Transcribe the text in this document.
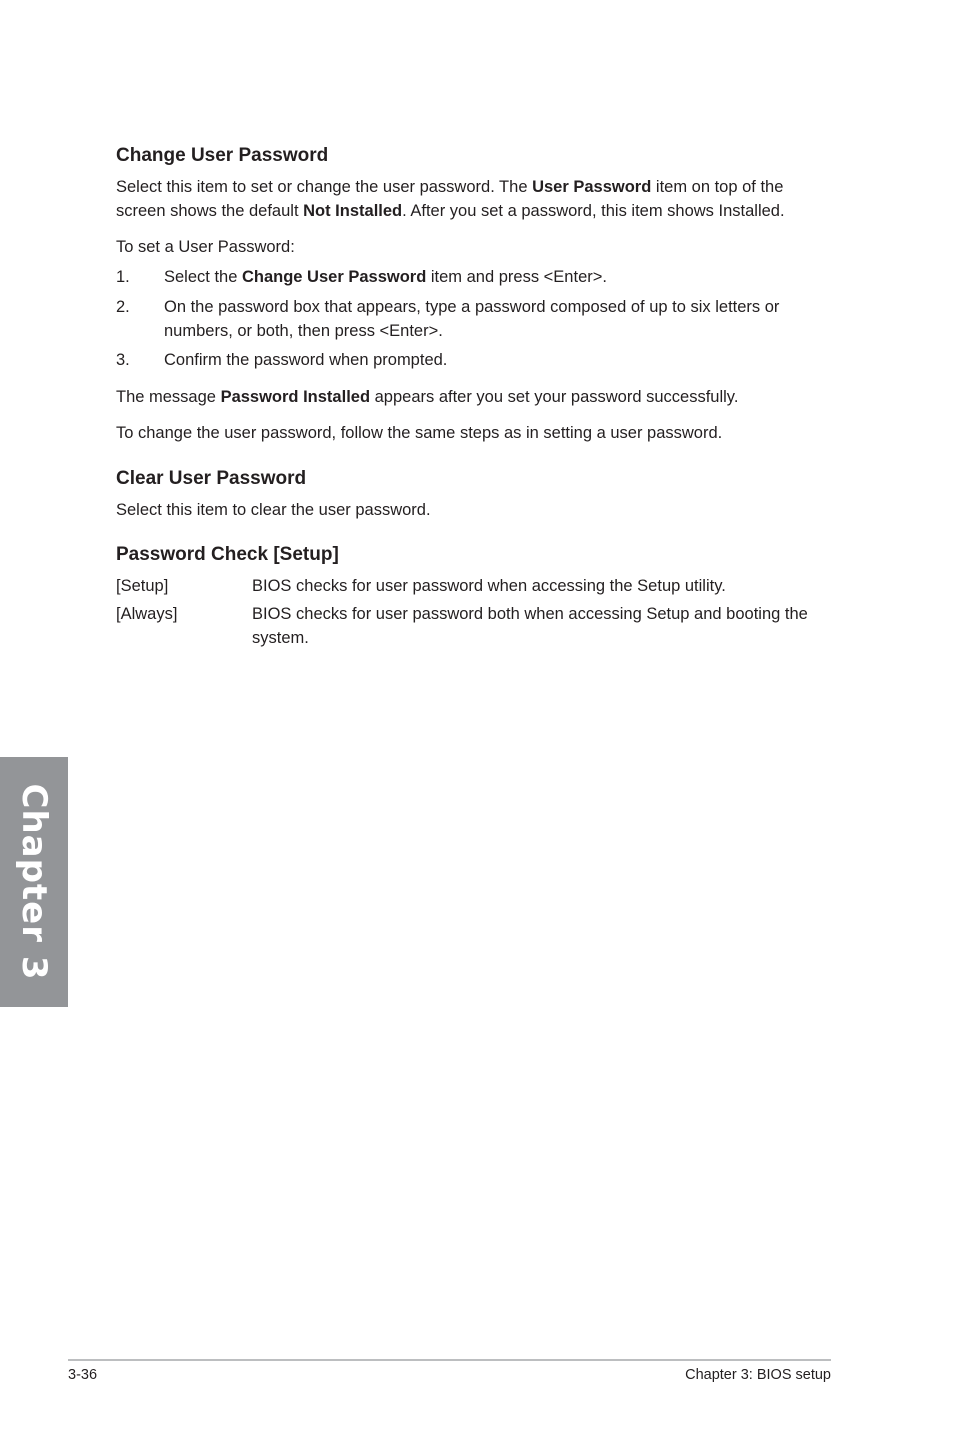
Change User Password

Select this item to set or change the user password. The User Password item on top of the screen shows the default Not Installed. After you set a password, this item shows Installed.

To set a User Password:

1. Select the Change User Password item and press <Enter>.
2. On the password box that appears, type a password composed of up to six letters or numbers, or both, then press <Enter>.
3. Confirm the password when prompted.

The message Password Installed appears after you set your password successfully.

To change the user password, follow the same steps as in setting a user password.

Clear User Password

Select this item to clear the user password.

Password Check [Setup]
[Setup]	BIOS checks for user password when accessing the Setup utility.
[Always]	BIOS checks for user password both when accessing Setup and booting the system.
Chapter 3
3-36	Chapter 3: BIOS setup
